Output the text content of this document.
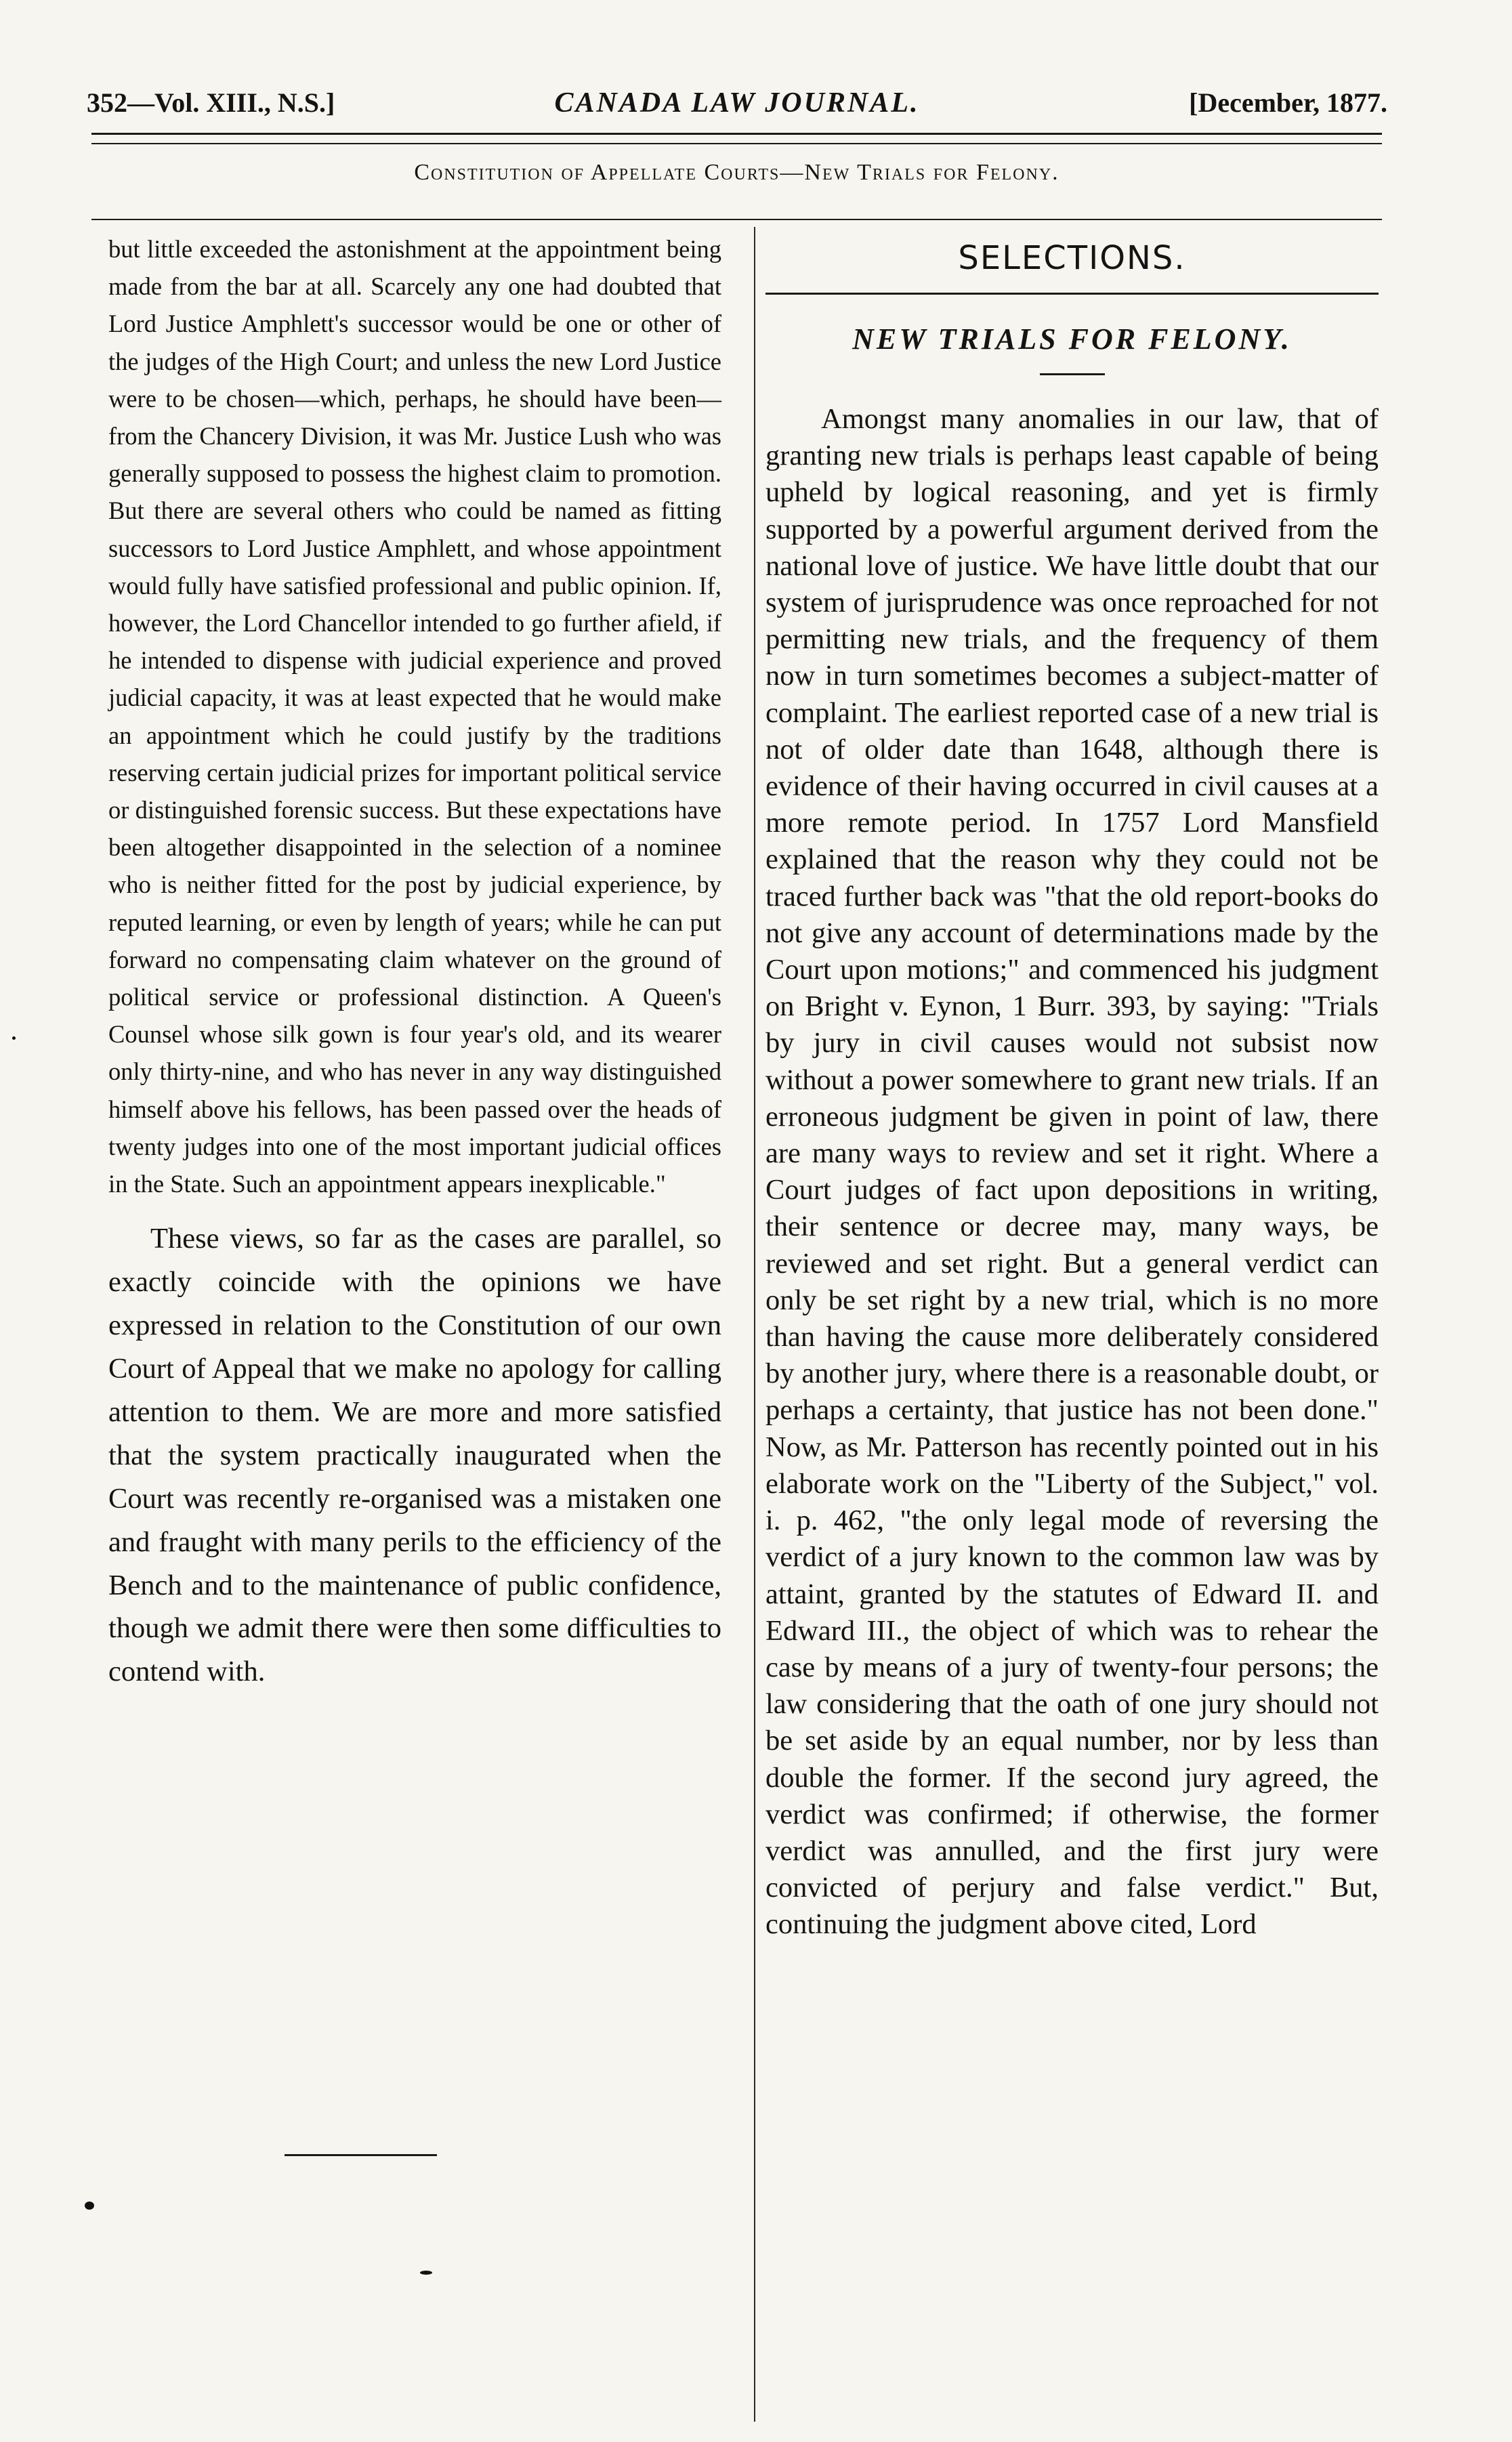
352—Vol. XIII., N.S.]	CANADA LAW JOURNAL.	[December, 1877.
Constitution of Appellate Courts—New Trials for Felony.

but little exceeded the astonishment at the appointment being made from the bar at all. Scarcely any one had doubted that Lord Justice Amphlett's successor would be one or other of the judges of the High Court; and unless the new Lord Justice were to be chosen—which, perhaps, he should have been—from the Chancery Division, it was Mr. Justice Lush who was generally supposed to possess the highest claim to promotion. But there are several others who could be named as fitting successors to Lord Justice Amphlett, and whose appointment would fully have satisfied professional and public opinion. If, however, the Lord Chancellor intended to go further afield, if he intended to dispense with judicial experience and proved judicial capacity, it was at least expected that he would make an appointment which he could justify by the traditions reserving certain judicial prizes for important political service or distinguished forensic success. But these expectations have been altogether disappointed in the selection of a nominee who is neither fitted for the post by judicial experience, by reputed learning, or even by length of years; while he can put forward no compensating claim whatever on the ground of political service or professional distinction. A Queen's Counsel whose silk gown is four year's old, and its wearer only thirty-nine, and who has never in any way distinguished himself above his fellows, has been passed over the heads of twenty judges into one of the most important judicial offices in the State. Such an appointment appears inexplicable."

These views, so far as the cases are parallel, so exactly coincide with the opinions we have expressed in relation to the Constitution of our own Court of Appeal that we make no apology for calling attention to them. We are more and more satisfied that the system practically inaugurated when the Court was recently re-organised was a mistaken one and fraught with many perils to the efficiency of the Bench and to the maintenance of public confidence, though we admit there were then some difficulties to contend with.

SELECTIONS.
NEW TRIALS FOR FELONY.

Amongst many anomalies in our law, that of granting new trials is perhaps least capable of being upheld by logical reasoning, and yet is firmly supported by a powerful argument derived from the national love of justice. We have little doubt that our system of jurisprudence was once reproached for not permitting new trials, and the frequency of them now in turn sometimes becomes a subject-matter of complaint. The earliest reported case of a new trial is not of older date than 1648, although there is evidence of their having occurred in civil causes at a more remote period. In 1757 Lord Mansfield explained that the reason why they could not be traced further back was "that the old report-books do not give any account of determinations made by the Court upon motions;" and commenced his judgment on Bright v. Eynon, 1 Burr. 393, by saying: "Trials by jury in civil causes would not subsist now without a power somewhere to grant new trials. If an erroneous judgment be given in point of law, there are many ways to review and set it right. Where a Court judges of fact upon depositions in writing, their sentence or decree may, many ways, be reviewed and set right. But a general verdict can only be set right by a new trial, which is no more than having the cause more deliberately considered by another jury, where there is a reasonable doubt, or perhaps a certainty, that justice has not been done." Now, as Mr. Patterson has recently pointed out in his elaborate work on the "Liberty of the Subject," vol. i. p. 462, "the only legal mode of reversing the verdict of a jury known to the common law was by attaint, granted by the statutes of Edward II. and Edward III., the object of which was to rehear the case by means of a jury of twenty-four persons; the law considering that the oath of one jury should not be set aside by an equal number, nor by less than double the former. If the second jury agreed, the verdict was confirmed; if otherwise, the former verdict was annulled, and the first jury were convicted of perjury and false verdict." But, continuing the judgment above cited, Lord
